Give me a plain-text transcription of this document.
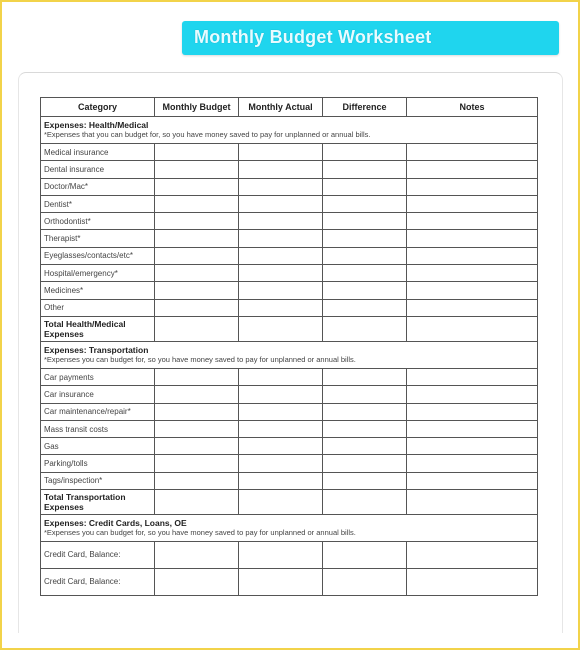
Monthly Budget Worksheet
Category	Monthly Budget	Monthly Actual	Difference	Notes

Expenses: Health/Medical
*Expenses that you can budget for, so you have money saved to pay for unplanned or annual bills.				

Medical insurance				
Dental insurance				
Doctor/Mac*				
Dentist*				
Orthodontist*				
Therapist*				
Eyeglasses/contacts/etc*				
Hospital/emergency*				
Medicines*				
Other				

Total Health/Medical Expenses				

Expenses: Transportation
*Expenses you can budget for, so you have money saved to pay for unplanned or annual bills.				

Car payments				
Car insurance				
Car maintenance/repair*				
Mass transit costs				
Gas				
Parking/tolls				
Tags/inspection*				

Total Transportation Expenses				

Expenses: Credit Cards, Loans, OE
*Expenses you can budget for, so you have money saved to pay for unplanned or annual bills.				

Credit Card, Balance:				

Credit Card, Balance:				
